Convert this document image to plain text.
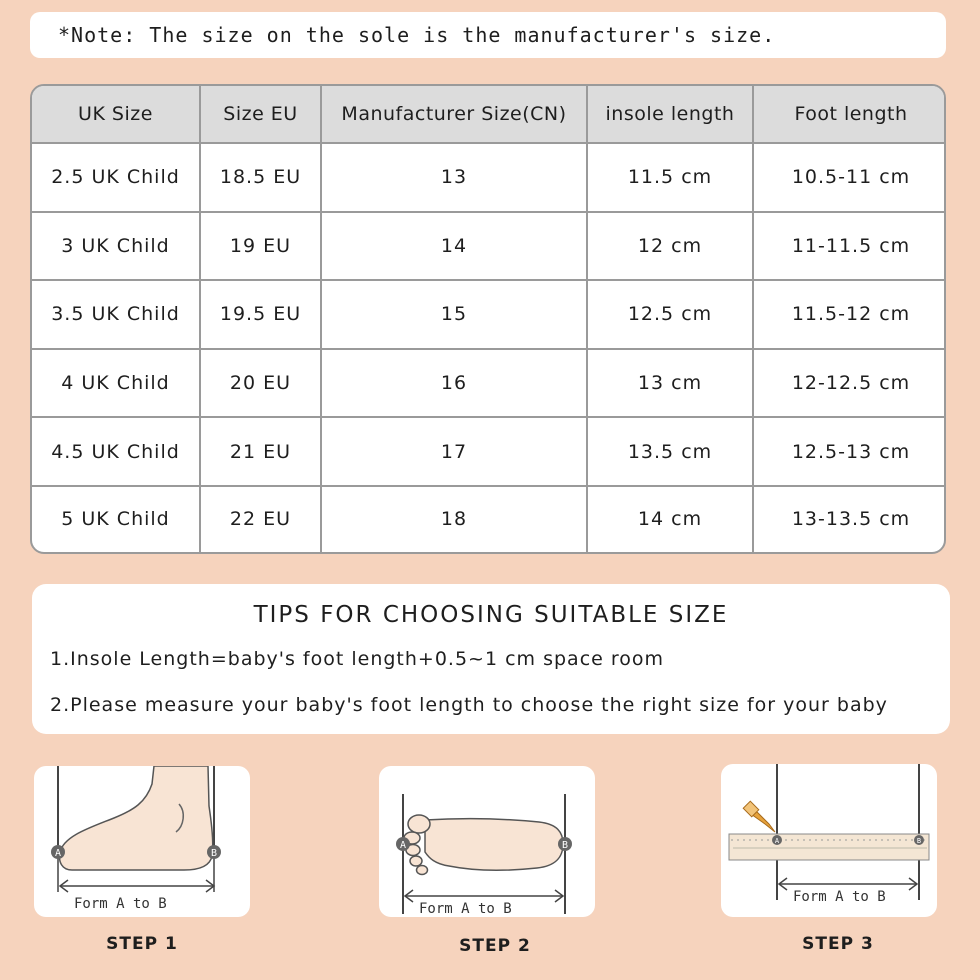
*Note: The size on the sole is the manufacturer's size.
UK Size	Size EU	Manufacturer Size(CN)	insole length	Foot length
2.5 UK Child	18.5 EU	13	11.5 cm	10.5-11 cm
3 UK Child	19 EU	14	12 cm	11-11.5 cm
3.5 UK Child	19.5 EU	15	12.5 cm	11.5-12 cm
4 UK Child	20 EU	16	13 cm	12-12.5 cm
4.5 UK Child	21 EU	17	13.5 cm	12.5-13 cm
5 UK Child	22 EU	18	14 cm	13-13.5 cm
TIPS FOR CHOOSING SUITABLE SIZE
1.Insole Length=baby's foot length+0.5~1 cm space room
2.Please measure your baby's foot length to choose the right size for your baby
A	B
Form A to B
STEP 1
A	B
Form A to B
STEP 2
A	B
Form A to B
STEP 3
